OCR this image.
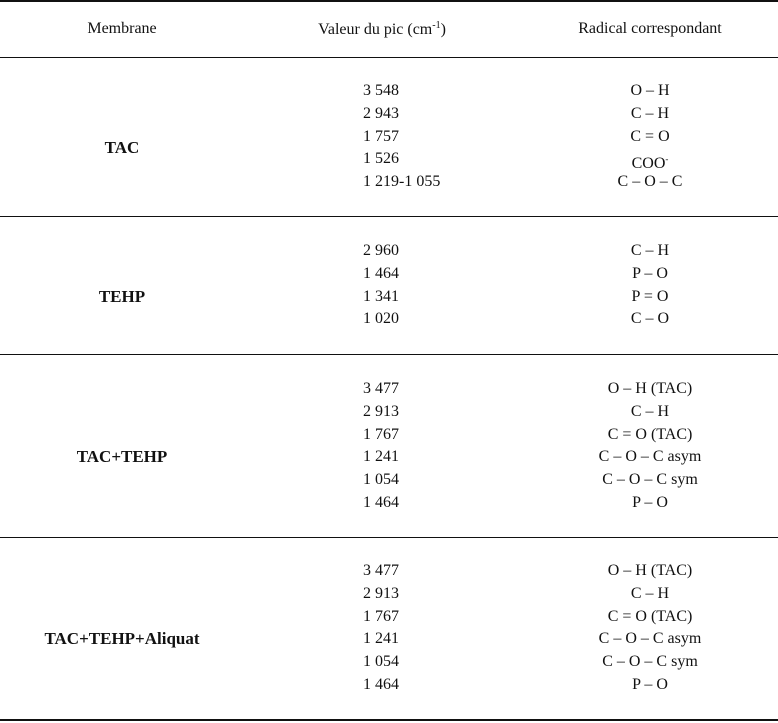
Membrane	Valeur du pic $(cm^{-1})$	Radical correspondant
TAC
3 548
2 943
1 757
1 526
1 219-1 055
O – H
C – H
C = O
COO-
C – O – C
TEHP
2 960
1 464
1 341
1 020
C – H
P – O
P = O
C – O
TAC+TEHP
3 477
2 913
1 767
1 241
1 054
1 464
O – H (TAC)
C – H
C = O (TAC)
C – O – C asym
C – O – C sym
P – O
TAC+TEHP+Aliquat
3 477
2 913
1 767
1 241
1 054
1 464
O – H (TAC)
C – H
C = O (TAC)
C – O – C asym
C – O – C sym
P – O
